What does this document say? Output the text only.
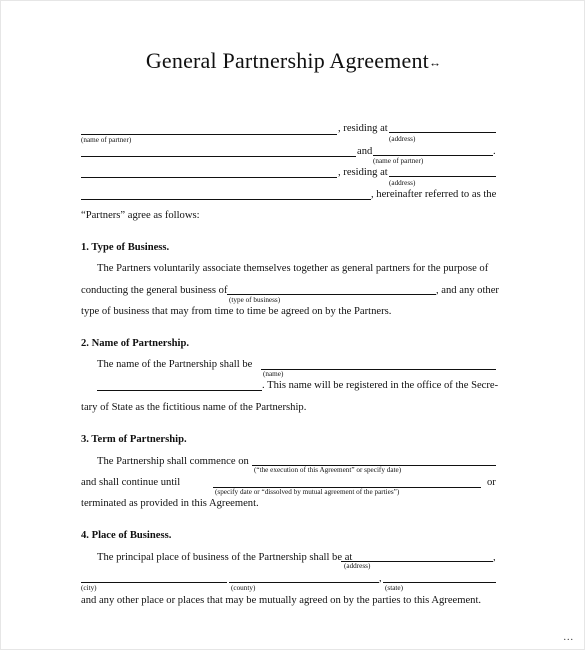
General Partnership Agreement↔
, residing at
(name of partner)	(address)
and	.
(name of partner)
, residing at
(address)
, hereinafter referred to as the
“Partners” agree as follows:
1. Type of Business.
The Partners voluntarily associate themselves together as general partners for the purpose of
conducting the general business of
(type of business)
, and any other
type of business that may from time to time be agreed on by the Partners.
2. Name of Partnership.
The name of the Partnership shall be
(name)
. This name will be registered in the office of the Secre-
tary of State as the fictitious name of the Partnership.
3. Term of Partnership.
The Partnership shall commence on
(“the execution of this Agreement” or specify date)
and shall continue until
(specify date or “dissolved by mutual agreement of the parties”)
or
terminated as provided in this Agreement.
4. Place of Business.
The principal place of business of the Partnership shall be at
(address)
,
(city)	(county)
,
(state)
and any other place or places that may be mutually agreed on by the parties to this Agreement.
...
